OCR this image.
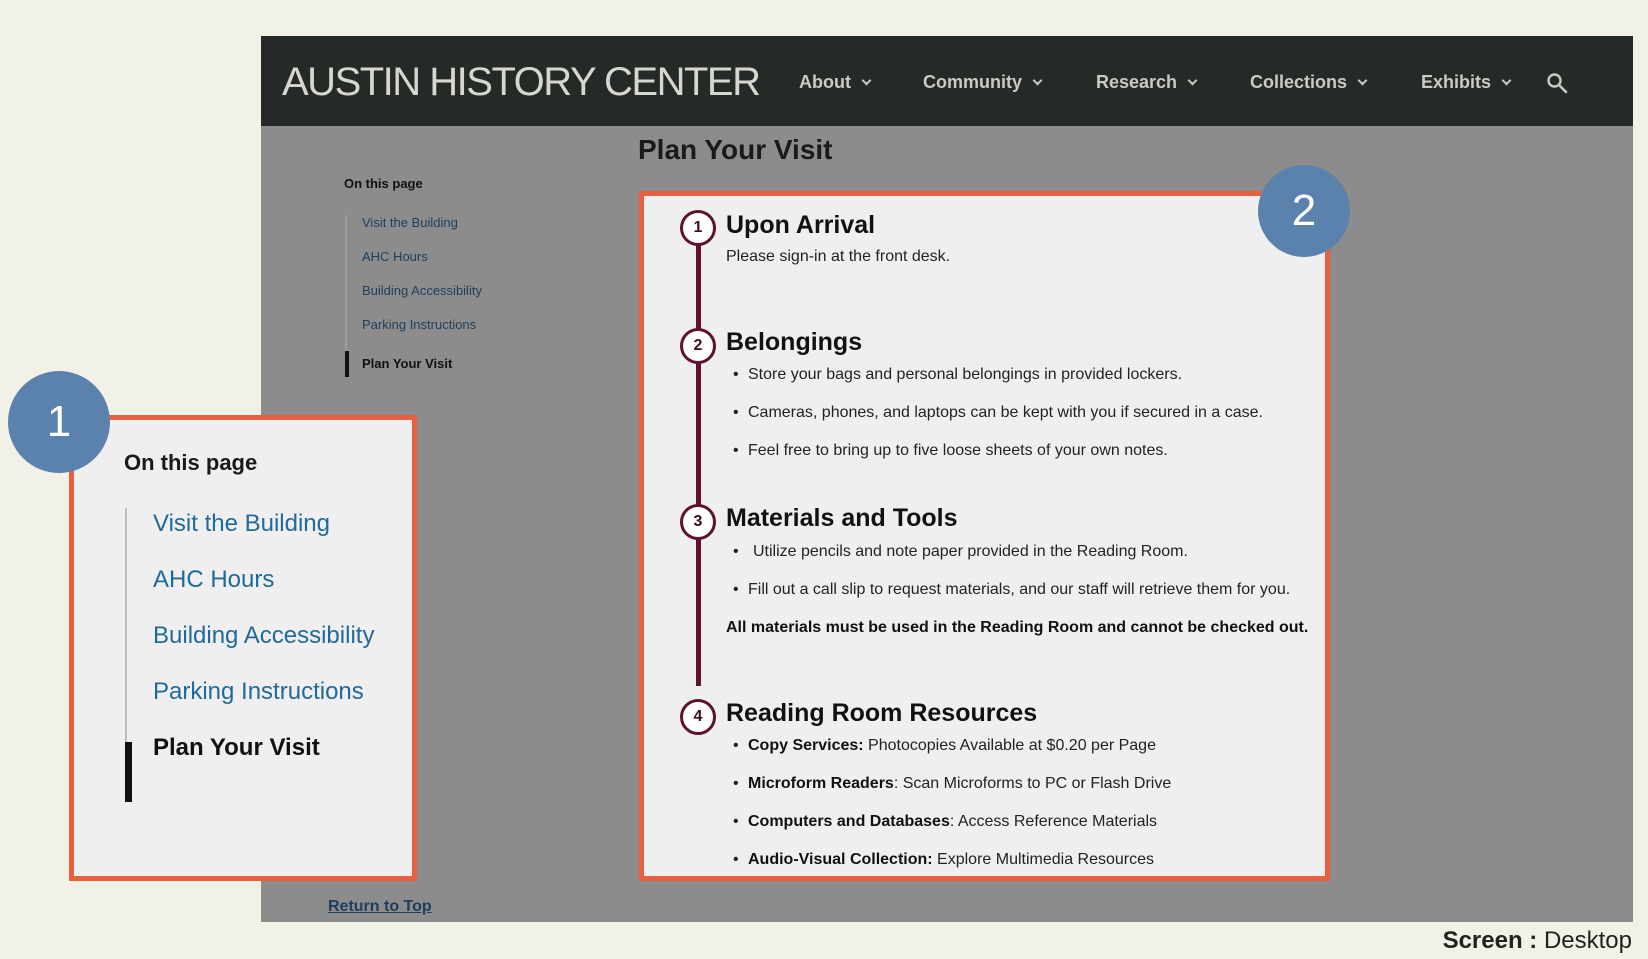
AUSTIN HISTORY CENTER About	Community	Research	Collections	Exhibits
Plan Your Visit
On this page
Visit the Building
AHC Hours
Building Accessibility
Parking Instructions
Plan Your Visit
Return to Top
On this page
Visit the Building
AHC Hours
Building Accessibility
Parking Instructions
Plan Your Visit
1 Upon Arrival
Please sign-in at the front desk.
2 Belongings
• Store your bags and personal belongings in provided lockers.
• Cameras, phones, and laptops can be kept with you if secured in a case.
• Feel free to bring up to five loose sheets of your own notes.
3 Materials and Tools
• Utilize pencils and note paper provided in the Reading Room.
• Fill out a call slip to request materials, and our staff will retrieve them for you.
All materials must be used in the Reading Room and cannot be checked out.
4 Reading Room Resources
• Copy Services: Photocopies Available at $0.20 per Page
• Microform Readers: Scan Microforms to PC or Flash Drive
• Computers and Databases: Access Reference Materials
• Audio-Visual Collection: Explore Multimedia Resources
1
2
Screen : Desktop
